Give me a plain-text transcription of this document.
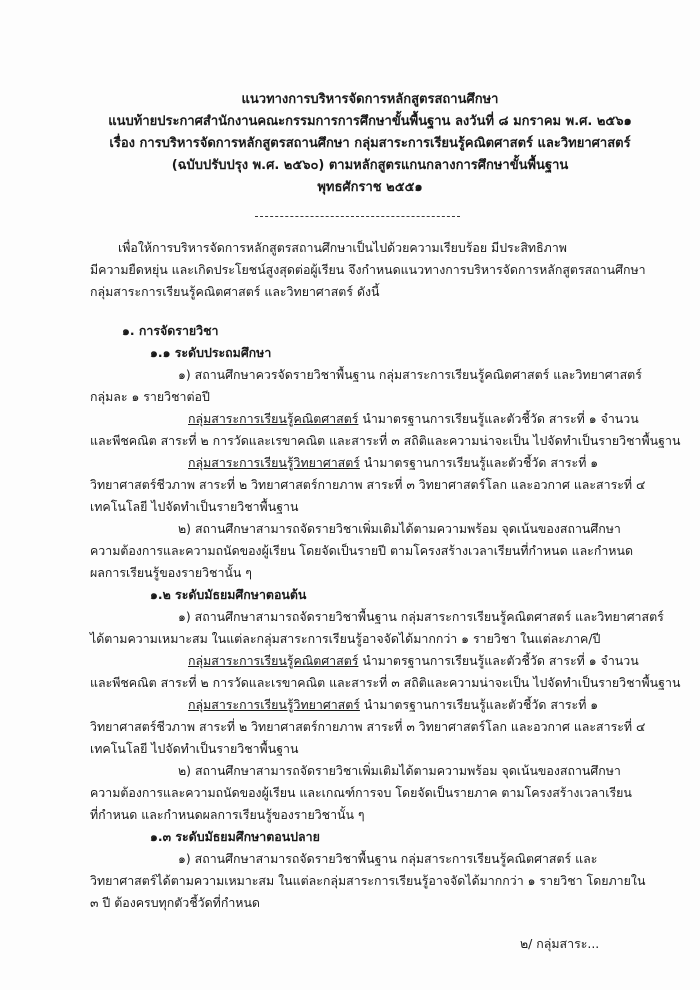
แนวทางการบริหารจัดการหลักสูตรสถานศึกษา
แนบท้ายประกาศสำนักงานคณะกรรมการการศึกษาขั้นพื้นฐาน ลงวันที่ ๘ มกราคม พ.ศ. ๒๕๖๑
เรื่อง การบริหารจัดการหลักสูตรสถานศึกษา กลุ่มสาระการเรียนรู้คณิตศาสตร์ และวิทยาศาสตร์
(ฉบับปรับปรุง พ.ศ. ๒๕๖๐) ตามหลักสูตรแกนกลางการศึกษาขั้นพื้นฐาน
พุทธศักราช ๒๕๕๑
เพื่อให้การบริหารจัดการหลักสูตรสถานศึกษาเป็นไปด้วยความเรียบร้อย มีประสิทธิภาพ
มีความยืดหยุ่น และเกิดประโยชน์สูงสุดต่อผู้เรียน จึงกำหนดแนวทางการบริหารจัดการหลักสูตรสถานศึกษา
กลุ่มสาระการเรียนรู้คณิตศาสตร์ และวิทยาศาสตร์ ดังนี้
๑. การจัดรายวิชา
๑.๑ ระดับประถมศึกษา
๑) สถานศึกษาควรจัดรายวิชาพื้นฐาน กลุ่มสาระการเรียนรู้คณิตศาสตร์ และวิทยาศาสตร์
กลุ่มละ ๑ รายวิชาต่อปี
กลุ่มสาระการเรียนรู้คณิตศาสตร์ นำมาตรฐานการเรียนรู้และตัวชี้วัด สาระที่ ๑ จำนวน
และพีชคณิต สาระที่ ๒ การวัดและเรขาคณิต และสาระที่ ๓ สถิติและความน่าจะเป็น ไปจัดทำเป็นรายวิชาพื้นฐาน
กลุ่มสาระการเรียนรู้วิทยาศาสตร์ นำมาตรฐานการเรียนรู้และตัวชี้วัด สาระที่ ๑
วิทยาศาสตร์ชีวภาพ สาระที่ ๒ วิทยาศาสตร์กายภาพ สาระที่ ๓ วิทยาศาสตร์โลก และอวกาศ และสาระที่ ๔
เทคโนโลยี ไปจัดทำเป็นรายวิชาพื้นฐาน
๒) สถานศึกษาสามารถจัดรายวิชาเพิ่มเติมได้ตามความพร้อม จุดเน้นของสถานศึกษา
ความต้องการและความถนัดของผู้เรียน โดยจัดเป็นรายปี ตามโครงสร้างเวลาเรียนที่กำหนด และกำหนด
ผลการเรียนรู้ของรายวิชานั้น ๆ
๑.๒ ระดับมัธยมศึกษาตอนต้น
๑) สถานศึกษาสามารถจัดรายวิชาพื้นฐาน กลุ่มสาระการเรียนรู้คณิตศาสตร์ และวิทยาศาสตร์
ได้ตามความเหมาะสม ในแต่ละกลุ่มสาระการเรียนรู้อาจจัดได้มากกว่า ๑ รายวิชา ในแต่ละภาค/ปี
กลุ่มสาระการเรียนรู้คณิตศาสตร์ นำมาตรฐานการเรียนรู้และตัวชี้วัด สาระที่ ๑ จำนวน
และพีชคณิต สาระที่ ๒ การวัดและเรขาคณิต และสาระที่ ๓ สถิติและความน่าจะเป็น ไปจัดทำเป็นรายวิชาพื้นฐาน
กลุ่มสาระการเรียนรู้วิทยาศาสตร์ นำมาตรฐานการเรียนรู้และตัวชี้วัด สาระที่ ๑
วิทยาศาสตร์ชีวภาพ สาระที่ ๒ วิทยาศาสตร์กายภาพ สาระที่ ๓ วิทยาศาสตร์โลก และอวกาศ และสาระที่ ๔
เทคโนโลยี ไปจัดทำเป็นรายวิชาพื้นฐาน
๒) สถานศึกษาสามารถจัดรายวิชาเพิ่มเติมได้ตามความพร้อม จุดเน้นของสถานศึกษา
ความต้องการและความถนัดของผู้เรียน และเกณฑ์การจบ โดยจัดเป็นรายภาค ตามโครงสร้างเวลาเรียน
ที่กำหนด และกำหนดผลการเรียนรู้ของรายวิชานั้น ๆ
๑.๓ ระดับมัธยมศึกษาตอนปลาย
๑) สถานศึกษาสามารถจัดรายวิชาพื้นฐาน กลุ่มสาระการเรียนรู้คณิตศาสตร์ และ
วิทยาศาสตร์ได้ตามความเหมาะสม ในแต่ละกลุ่มสาระการเรียนรู้อาจจัดได้มากกว่า ๑ รายวิชา โดยภายใน
๓ ปี ต้องครบทุกตัวชี้วัดที่กำหนด
๒/ กลุ่มสาระ...
